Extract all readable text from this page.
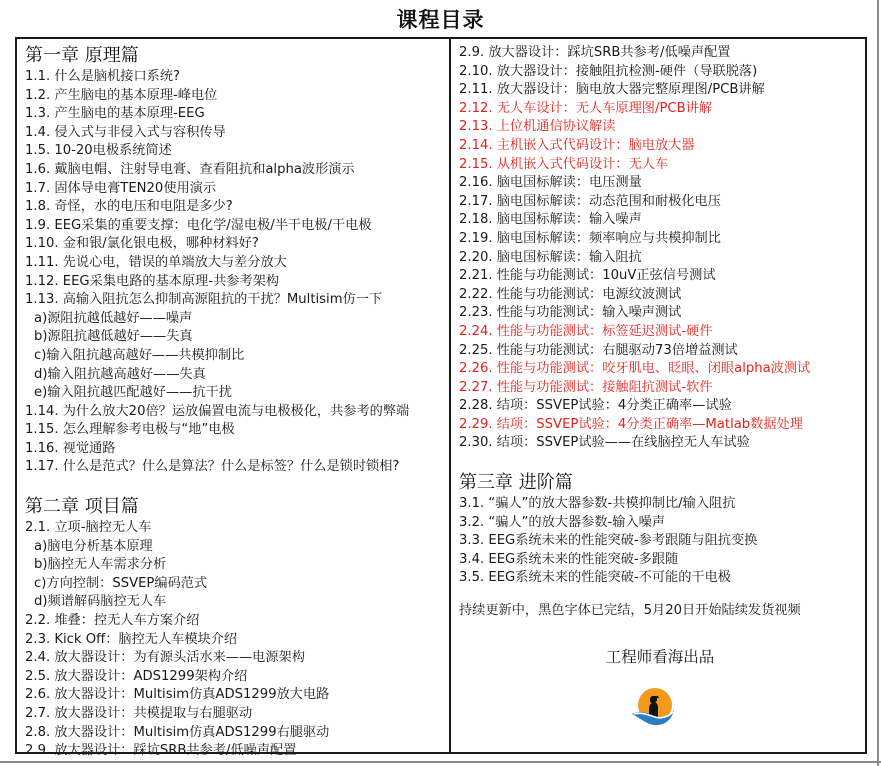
课程目录
第一章 原理篇
1.1. 什么是脑机接口系统?
1.2. 产生脑电的基本原理-峰电位
1.3. 产生脑电的基本原理-EEG
1.4. 侵入式与非侵入式与容积传导
1.5. 10-20电极系统简述
1.6. 戴脑电帽、注射导电膏、查看阻抗和alpha波形演示
1.7. 固体导电膏TEN20使用演示
1.8. 奇怪，水的电压和电阻是多少?
1.9. EEG采集的重要支撑：电化学/湿电极/半干电极/干电极
1.10. 金和银/氯化银电极，哪种材料好?
1.11. 先说心电，错误的单端放大与差分放大
1.12. EEG采集电路的基本原理-共参考架构
1.13. 高输入阻抗怎么抑制高源阻抗的干扰？Multisim仿一下
a)源阻抗越低越好——噪声
b)源阻抗越低越好——失真
c)输入阻抗越高越好——共模抑制比
d)输入阻抗越高越好——失真
e)输入阻抗越匹配越好——抗干扰
1.14. 为什么放大20倍？运放偏置电流与电极极化，共参考的弊端
1.15. 怎么理解参考电极与“地”电极
1.16. 视觉通路
1.17. 什么是范式？什么是算法？什么是标签？什么是锁时锁相?
第二章 项目篇
2.1. 立项-脑控无人车
a)脑电分析基本原理
b)脑控无人车需求分析
c)方向控制：SSVEP编码范式
d)频谱解码脑控无人车
2.2. 堆叠：控无人车方案介绍
2.3. Kick Off：脑控无人车模块介绍
2.4. 放大器设计：为有源头活水来——电源架构
2.5. 放大器设计：ADS1299架构介绍
2.6. 放大器设计：Multisim仿真ADS1299放大电路
2.7. 放大器设计：共模提取与右腿驱动
2.8. 放大器设计：Multisim仿真ADS1299右腿驱动
2.9. 放大器设计：踩坑SRB共参考/低噪声配置
2.9. 放大器设计：踩坑SRB共参考/低噪声配置
2.10. 放大器设计：接触阻抗检测-硬件（导联脱落)
2.11. 放大器设计：脑电放大器完整原理图/PCB讲解
2.12. 无人车设计：无人车原理图/PCB讲解
2.13. 上位机通信协议解读
2.14. 主机嵌入式代码设计：脑电放大器
2.15. 从机嵌入式代码设计：无人车
2.16. 脑电国标解读：电压测量
2.17. 脑电国标解读：动态范围和耐极化电压
2.18. 脑电国标解读：输入噪声
2.19. 脑电国标解读：频率响应与共模抑制比
2.20. 脑电国标解读：输入阻抗
2.21. 性能与功能测试：10uV正弦信号测试
2.22. 性能与功能测试：电源纹波测试
2.23. 性能与功能测试：输入噪声测试
2.24. 性能与功能测试：标签延迟测试-硬件
2.25. 性能与功能测试：右腿驱动73倍增益测试
2.26. 性能与功能测试：咬牙肌电、眨眼、闭眼alpha波测试
2.27. 性能与功能测试：接触阻抗测试-软件
2.28. 结项：SSVEP试验：4分类正确率—试验
2.29. 结项：SSVEP试验：4分类正确率—Matlab数据处理
2.30. 结项：SSVEP试验——在线脑控无人车试验
第三章 进阶篇
3.1. “骗人”的放大器参数-共模抑制比/输入阻抗
3.2. “骗人”的放大器参数-输入噪声
3.3. EEG系统未来的性能突破-参考跟随与阻抗变换
3.4. EEG系统未来的性能突破-多跟随
3.5. EEG系统未来的性能突破-不可能的干电极
持续更新中，黑色字体已完结，5月20日开始陆续发货视频
工程师看海出品
